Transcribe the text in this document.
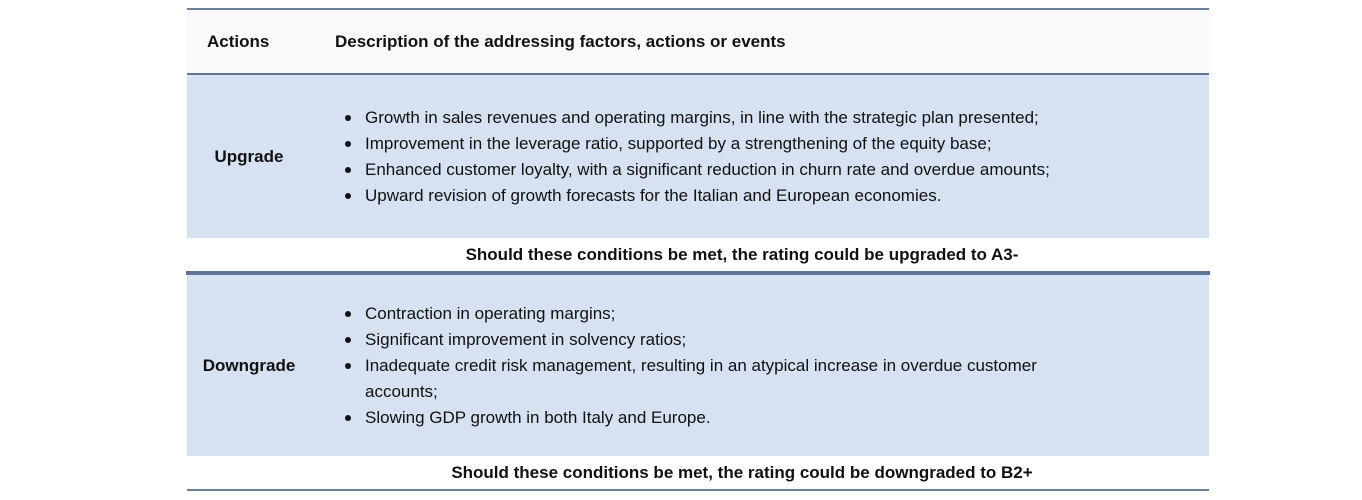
Actions	Description of the addressing factors, actions or events
Upgrade
Growth in sales revenues and operating margins, in line with the strategic plan presented;
Improvement in the leverage ratio, supported by a strengthening of the equity base;
Enhanced customer loyalty, with a significant reduction in churn rate and overdue amounts;
Upward revision of growth forecasts for the Italian and European economies.
Should these conditions be met, the rating could be upgraded to A3-
Downgrade
Contraction in operating margins;
Significant improvement in solvency ratios;
Inadequate credit risk management, resulting in an atypical increase in overdue customer accounts;
Slowing GDP growth in both Italy and Europe.
Should these conditions be met, the rating could be downgraded to B2+
